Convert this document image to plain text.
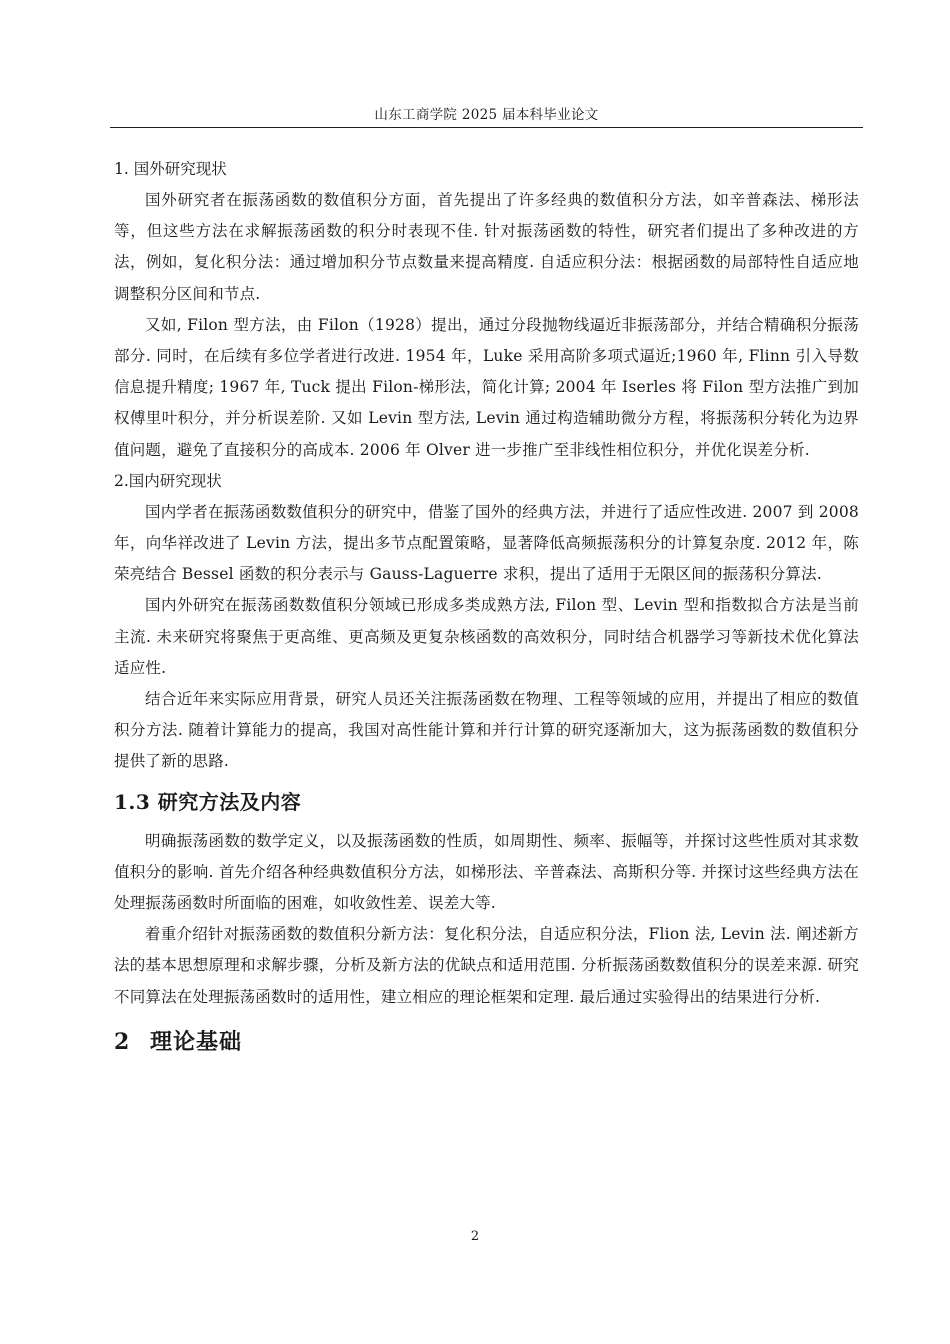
山东工商学院 2025 届本科毕业论文

1. 国外研究现状

国外研究者在振荡函数的数值积分方面，首先提出了许多经典的数值积分方法，如辛普森法、梯形法等，但这些方法在求解振荡函数的积分时表现不佳. 针对振荡函数的特性，研究者们提出了多种改进的方法，例如，复化积分法：通过增加积分节点数量来提高精度. 自适应积分法：根据函数的局部特性自适应地调整积分区间和节点.

又如, Filon 型方法，由 Filon（1928）提出，通过分段抛物线逼近非振荡部分，并结合精确积分振荡部分. 同时，在后续有多位学者进行改进. 1954 年，Luke 采用高阶多项式逼近;1960 年, Flinn 引入导数信息提升精度; 1967 年, Tuck 提出 Filon-梯形法，简化计算; 2004 年 Iserles 将 Filon 型方法推广到加权傅里叶积分，并分析误差阶. 又如 Levin 型方法, Levin 通过构造辅助微分方程，将振荡积分转化为边界值问题，避免了直接积分的高成本. 2006 年 Olver 进一步推广至非线性相位积分，并优化误差分析.

2.国内研究现状

国内学者在振荡函数数值积分的研究中，借鉴了国外的经典方法，并进行了适应性改进. 2007 到 2008 年，向华祥改进了 Levin 方法，提出多节点配置策略，显著降低高频振荡积分的计算复杂度. 2012 年，陈荣亮结合 Bessel 函数的积分表示与 Gauss-Laguerre 求积，提出了适用于无限区间的振荡积分算法.

国内外研究在振荡函数数值积分领域已形成多类成熟方法, Filon 型、Levin 型和指数拟合方法是当前主流. 未来研究将聚焦于更高维、更高频及更复杂核函数的高效积分，同时结合机器学习等新技术优化算法适应性.

结合近年来实际应用背景，研究人员还关注振荡函数在物理、工程等领域的应用，并提出了相应的数值积分方法. 随着计算能力的提高，我国对高性能计算和并行计算的研究逐渐加大，这为振荡函数的数值积分提供了新的思路.

1.3 研究方法及内容

明确振荡函数的数学定义，以及振荡函数的性质，如周期性、频率、振幅等，并探讨这些性质对其求数值积分的影响. 首先介绍各种经典数值积分方法，如梯形法、辛普森法、高斯积分等. 并探讨这些经典方法在处理振荡函数时所面临的困难，如收敛性差、误差大等.

着重介绍针对振荡函数的数值积分新方法：复化积分法，自适应积分法，Flion 法, Levin 法. 阐述新方法的基本思想原理和求解步骤，分析及新方法的优缺点和适用范围. 分析振荡函数数值积分的误差来源. 研究不同算法在处理振荡函数时的适用性，建立相应的理论框架和定理. 最后通过实验得出的结果进行分析.

2 理论基础

2
